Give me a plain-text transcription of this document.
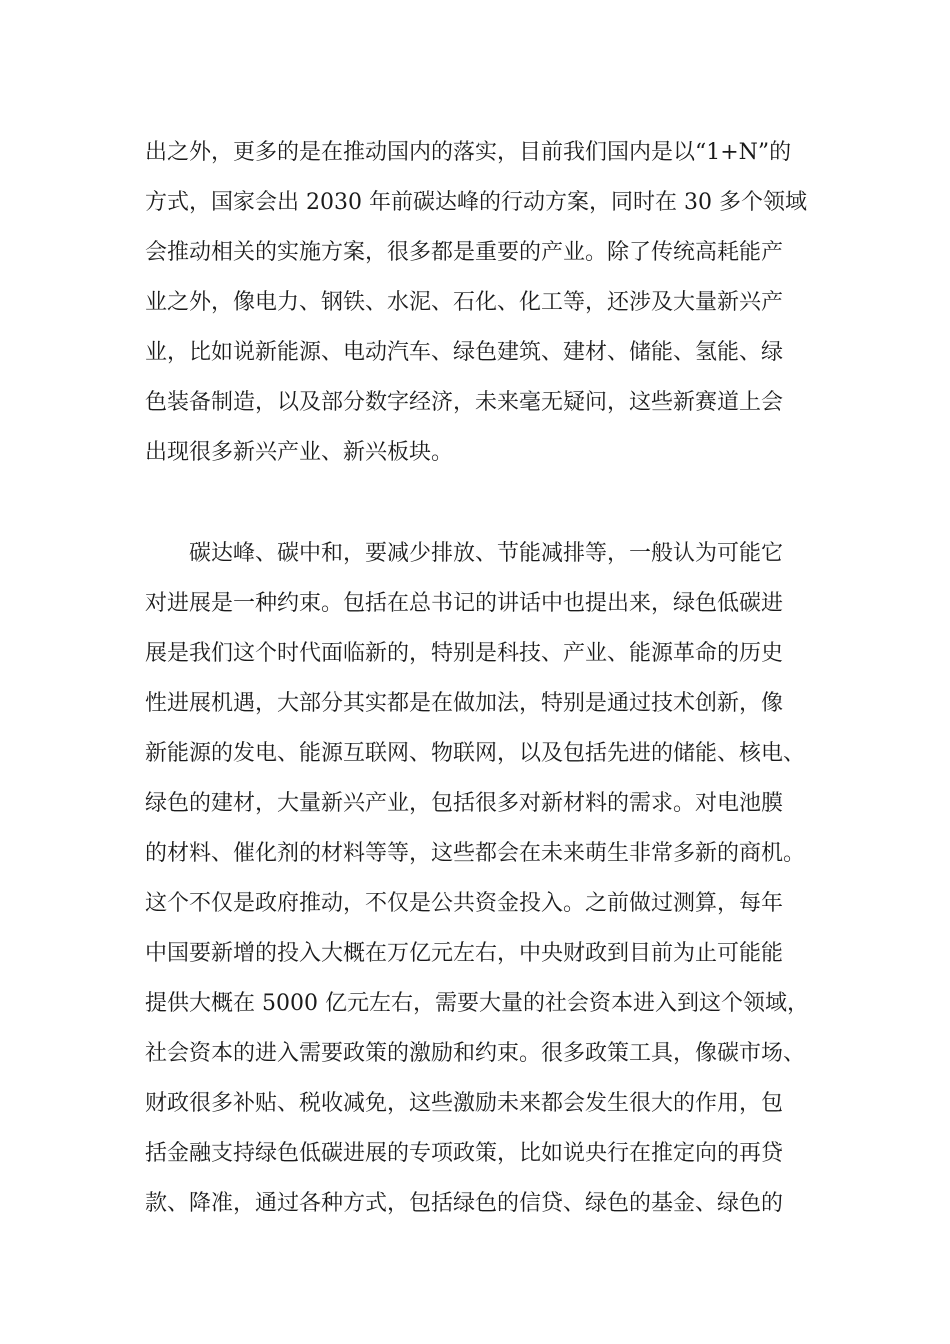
出之外，更多的是在推动国内的落实，目前我们国内是以“1+N”的
方式，国家会出 2030 年前碳达峰的行动方案，同时在 30 多个领域
会推动相关的实施方案，很多都是重要的产业。除了传统高耗能产
业之外，像电力、钢铁、水泥、石化、化工等，还涉及大量新兴产
业，比如说新能源、电动汽车、绿色建筑、建材、储能、氢能、绿
色装备制造，以及部分数字经济，未来毫无疑问，这些新赛道上会
出现很多新兴产业、新兴板块。
碳达峰、碳中和，要减少排放、节能减排等，一般认为可能它
对进展是一种约束。包括在总书记的讲话中也提出来，绿色低碳进
展是我们这个时代面临新的，特别是科技、产业、能源革命的历史
性进展机遇，大部分其实都是在做加法，特别是通过技术创新，像
新能源的发电、能源互联网、物联网，以及包括先进的储能、核电、
绿色的建材，大量新兴产业，包括很多对新材料的需求。对电池膜
的材料、催化剂的材料等等，这些都会在未来萌生非常多新的商机。
这个不仅是政府推动，不仅是公共资金投入。之前做过测算，每年
中国要新增的投入大概在万亿元左右，中央财政到目前为止可能能
提供大概在 5000 亿元左右，需要大量的社会资本进入到这个领域，
社会资本的进入需要政策的激励和约束。很多政策工具，像碳市场、
财政很多补贴、税收减免，这些激励未来都会发生很大的作用，包
括金融支持绿色低碳进展的专项政策，比如说央行在推定向的再贷
款、降准，通过各种方式，包括绿色的信贷、绿色的基金、绿色的
